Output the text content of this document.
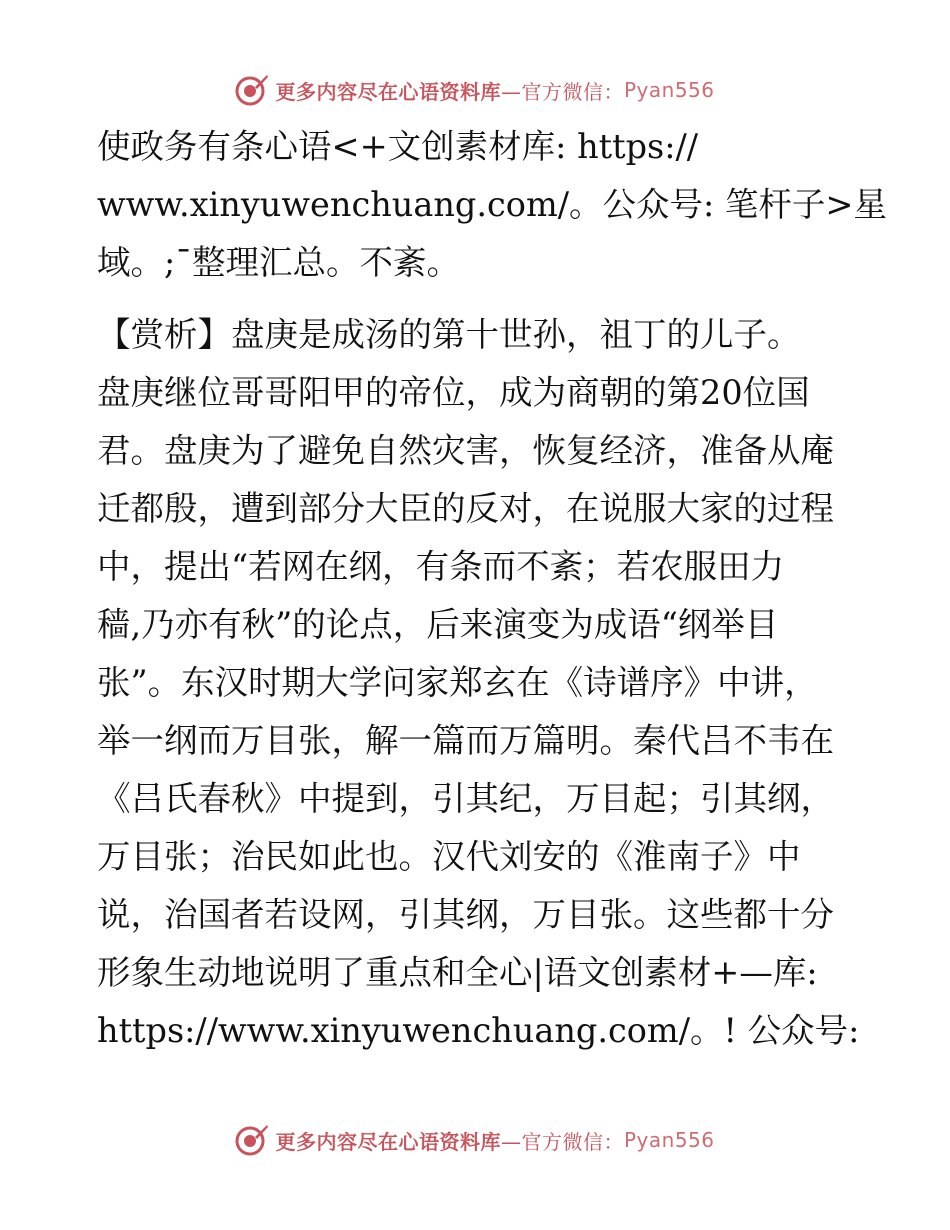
更多内容尽在心语资料库 —官方微信： Pyan556
使政务有条心语<+文创素材库: https://
www.xinyuwenchuang.com/。公众号: 笔杆子>星
域。;¯整理汇总。不紊。
【赏析】盘庚是成汤的第十世孙，祖丁的儿子。
盘庚继位哥哥阳甲的帝位，成为商朝的第20位国
君。盘庚为了避免自然灾害，恢复经济，准备从庵
迁都殷，遭到部分大臣的反对，在说服大家的过程
中，提出“若网在纲，有条而不紊；若农服田力
穑,乃亦有秋”的论点，后来演变为成语“纲举目
张”。东汉时期大学问家郑玄在《诗谱序》中讲，
举一纲而万目张，解一篇而万篇明。秦代吕不韦在
《吕氏春秋》中提到，引其纪，万目起；引其纲，
万目张；治民如此也。汉代刘安的《淮南子》中
说，治国者若设网，引其纲，万目张。这些都十分
形象生动地说明了重点和全心|语文创素材+—库:
https://www.xinyuwenchuang.com/。! 公众号:
更多内容尽在心语资料库 —官方微信： Pyan556
